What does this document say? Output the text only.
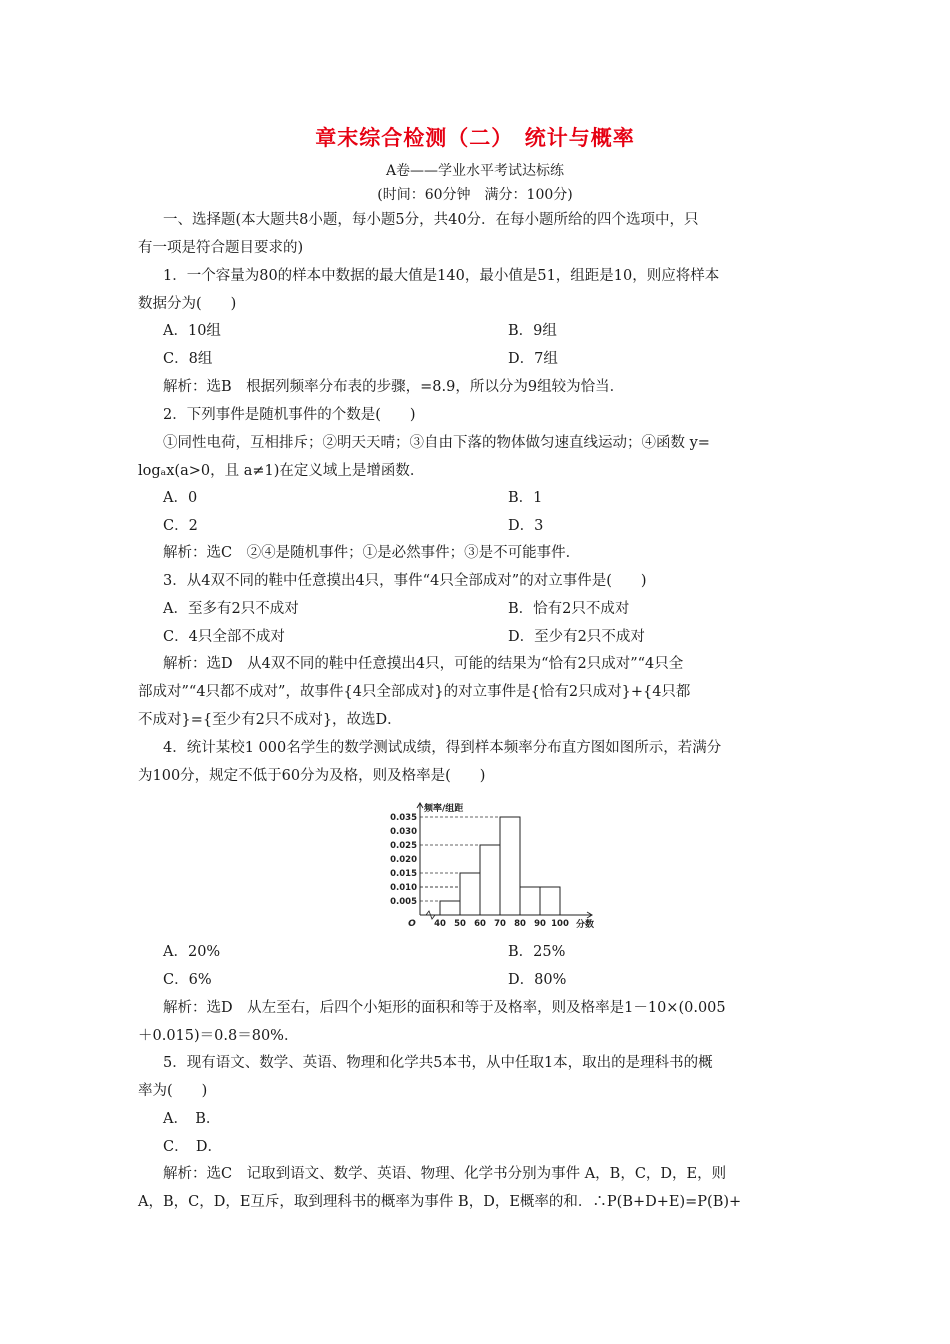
章末综合检测（二）　统计与概率
A卷——学业水平考试达标练
(时间：60分钟　满分：100分)
一、选择题(本大题共8小题，每小题5分，共40分．在每小题所给的四个选项中，只
有一项是符合题目要求的)
1．一个容量为80的样本中数据的最大值是140，最小值是51，组距是10，则应将样本
数据分为(　　)
A．10组	B．9组
C．8组	D．7组
解析：选B　根据列频率分布表的步骤，=8.9，所以分为9组较为恰当．
2．下列事件是随机事件的个数是(　　)
①同性电荷，互相排斥；②明天天晴；③自由下落的物体做匀速直线运动；④函数 y=
logₐx(a>0，且 a≠1)在定义域上是增函数．
A．0	B．1
C．2	D．3
解析：选C　②④是随机事件；①是必然事件；③是不可能事件．
3．从4双不同的鞋中任意摸出4只，事件“4只全部成对”的对立事件是(　　)
A．至多有2只不成对	B．恰有2只不成对
C．4只全部不成对	D．至少有2只不成对
解析：选D　从4双不同的鞋中任意摸出4只，可能的结果为“恰有2只成对”“4只全
部成对”“4只都不成对”，故事件{4只全部成对}的对立事件是{恰有2只成对}+{4只都
不成对}={至少有2只不成对}，故选D．
4．统计某校1 000名学生的数学测试成绩，得到样本频率分布直方图如图所示，若满分
为100分，规定不低于60分为及格，则及格率是(　　)
0.005
0.010
0.015
0.020
0.025
0.030
0.035
40 50 60 70 80 90 100
频率/组距
分数
O
A．20%	B．25%
C．6%	D．80%
解析：选D　从左至右，后四个小矩形的面积和等于及格率，则及格率是1－10×(0.005
＋0.015)＝0.8＝80%．
5．现有语文、数学、英语、物理和化学共5本书，从中任取1本，取出的是理科书的概
率为(　　)
A．　B．
C．　D．
解析：选C　记取到语文、数学、英语、物理、化学书分别为事件 A，B，C，D，E，则
A，B，C，D，E互斥，取到理科书的概率为事件 B，D，E概率的和．∴P(B+D+E)=P(B)+
